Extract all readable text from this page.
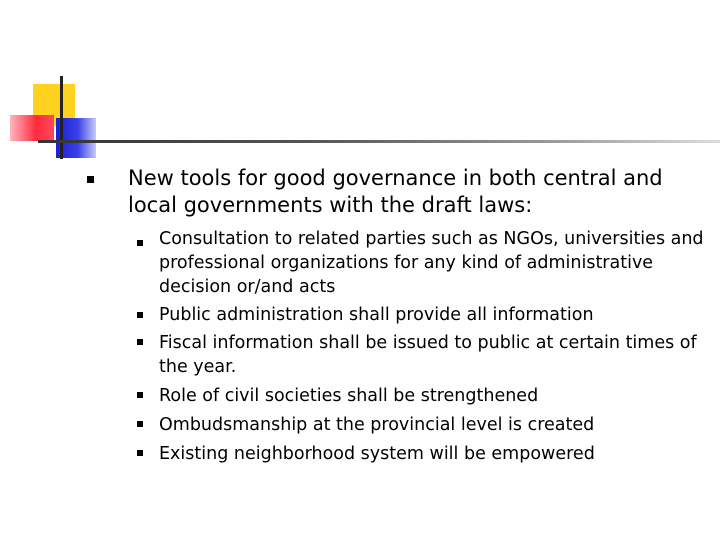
New tools for good governance in both central and local governments with the draft laws:
Consultation to related parties such as NGOs, universities and professional organizations for any kind of administrative decision or/and acts
Public administration shall provide all information
Fiscal information shall be issued to public at certain times of the year.
Role of civil societies shall be strengthened
Ombudsmanship at the provincial level is created
Existing neighborhood system will be empowered
